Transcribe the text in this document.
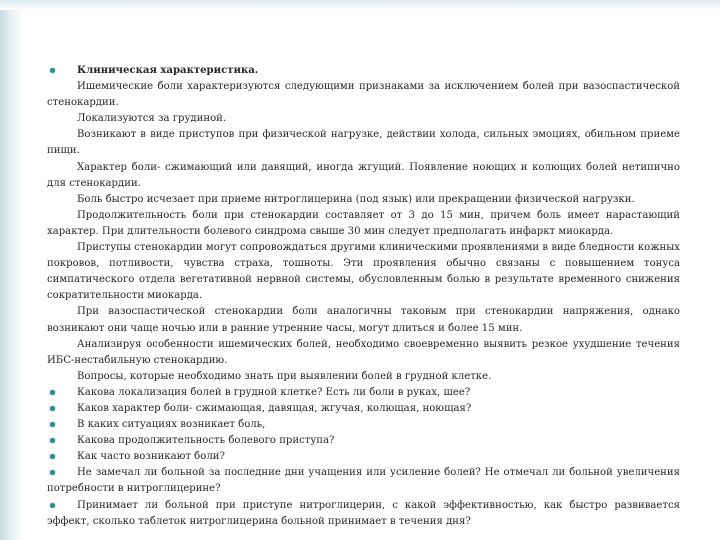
Клиническая характеристика.

Ишемические боли характеризуются следующими признаками за исключением болей при вазоспастической стенокардии.

Локализуются за грудиной.

Возникают в виде приступов при физической нагрузке, действии холода, сильных эмоциях, обильном приеме пищи.

Характер боли- сжимающий или давящий, иногда жгущий. Появление ноющих и колющих болей нетипично для стенокардии.

Боль быстро исчезает при приеме нитроглицерина (под язык) или прекращении физической нагрузки.

Продолжительность боли при стенокардии составляет от 3 до 15 мин, причем боль имеет нарастающий характер. При длительности болевого синдрома свыше 30 мин следует предполагать инфаркт миокарда.

Приступы стенокардии могут сопровождаться другими клиническими проявлениями в виде бледности кожных покровов, потливости, чувства страха, тошноты. Эти проявления обычно связаны с повышением тонуса симпатического отдела вегетативной нервной системы, обусловленным болью в результате временного снижения сократительности миокарда.

При вазоспастической стенокардии боли аналогичны таковым при стенокардии напряжения, однако возникают они чаще ночью или в ранние утренние часы, могут длиться и более 15 мин.

Анализируя особенности ишемических болей, необходимо своевременно выявить резкое ухудшение течения ИБС-нестабильную стенокардию.

Вопросы, которые необходимо знать при выявлении болей в грудной клетке.

Какова локализация болей в грудной клетке? Есть ли боли в руках, шее?

Каков характер боли- сжимающая, давящая, жгучая, колющая, ноющая?

В каких ситуациях возникает боль,

Какова продолжительность болевого приступа?

Как часто возникают боли?

Не замечал ли больной за последние дни учащения или усиление болей? Не отмечал ли больной увеличения потребности в нитроглицерине?

Принимает ли больной при приступе нитроглицерин, с какой эффективностью, как быстро развивается эффект, сколько таблеток нитроглицерина больной принимает в течения дня?
